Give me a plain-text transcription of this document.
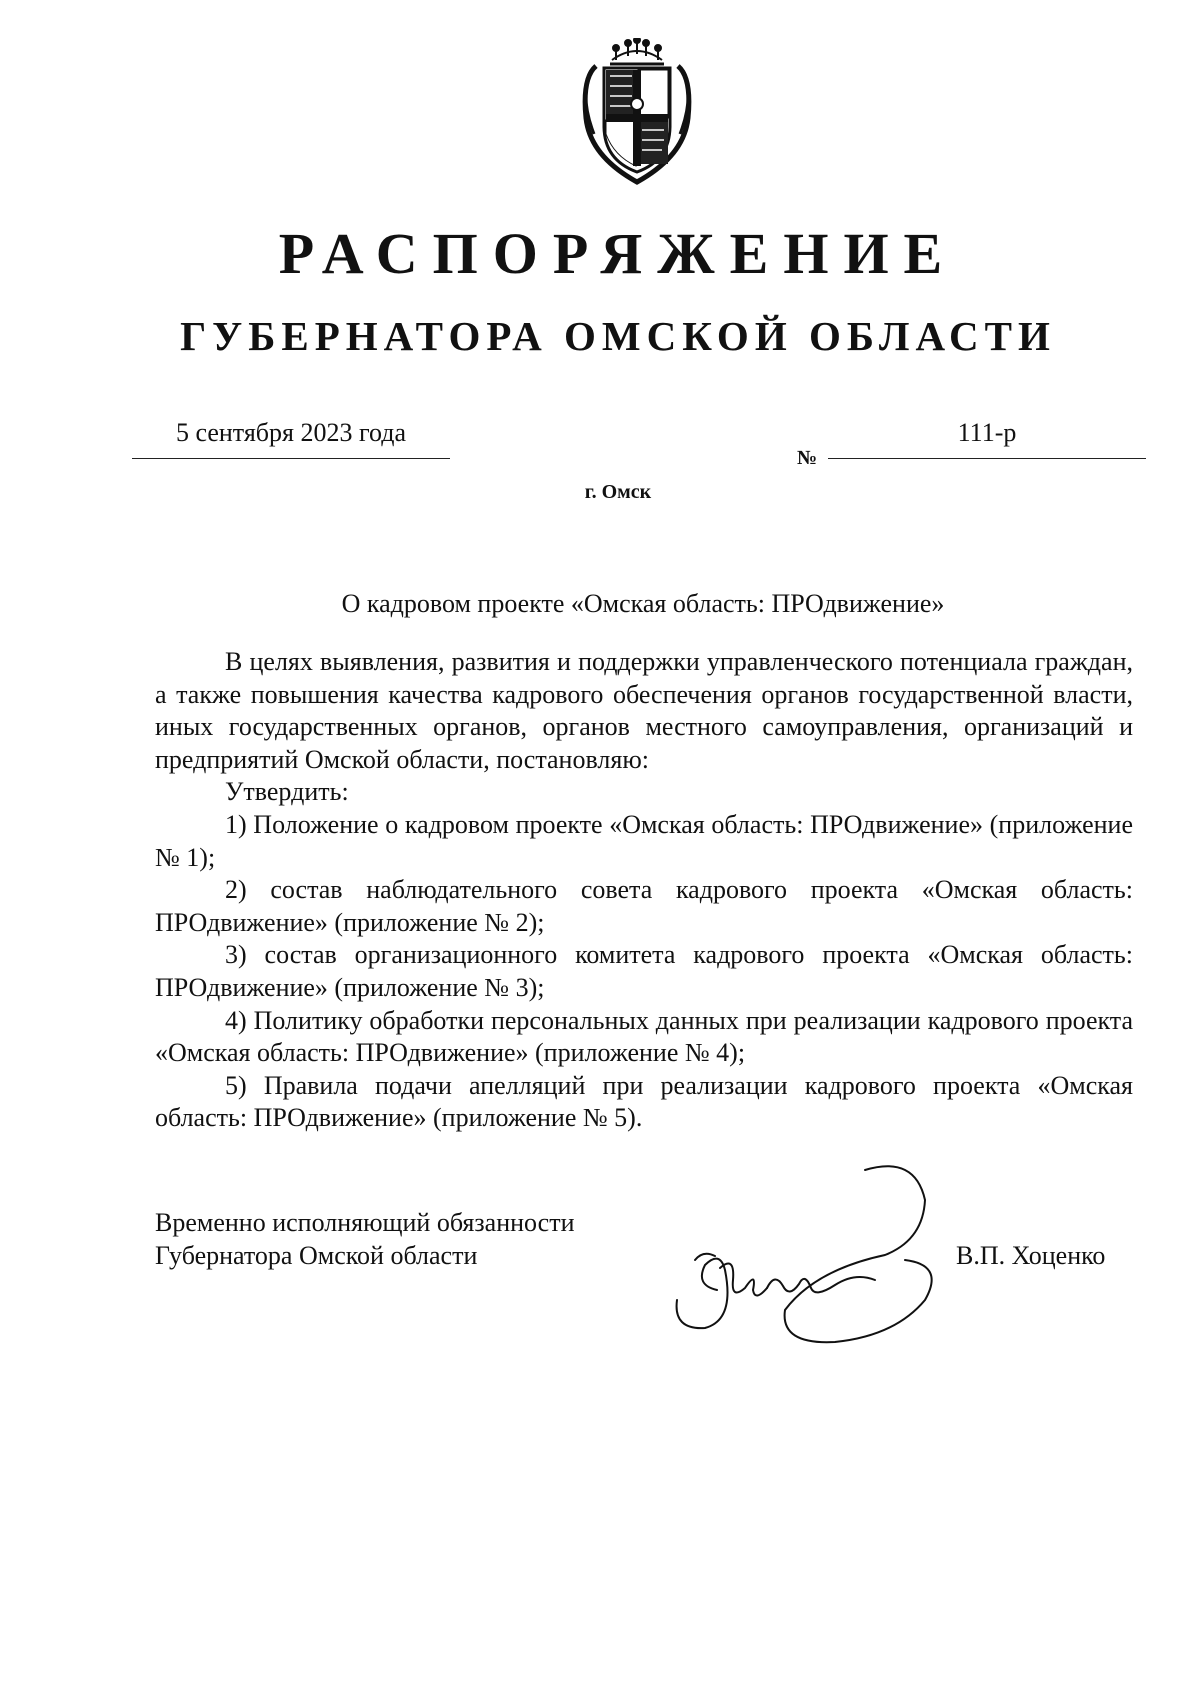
РАСПОРЯЖЕНИЕ
ГУБЕРНАТОРА ОМСКОЙ ОБЛАСТИ
5 сентября 2023 года
№
111-р
г. Омск
О кадровом проекте «Омская область: ПРОдвижение»

В целях выявления, развития и поддержки управленческого потенциала граждан, а также повышения качества кадрового обеспечения органов государственной власти, иных государственных органов, органов местного самоуправления, организаций и предприятий Омской области, постановляю:

Утвердить:

1) Положение о кадровом проекте «Омская область: ПРОдвижение» (приложение № 1);

2) состав наблюдательного совета кадрового проекта «Омская область: ПРОдвижение» (приложение № 2);

3) состав организационного комитета кадрового проекта «Омская область: ПРОдвижение» (приложение № 3);

4) Политику обработки персональных данных при реализации кадрового проекта «Омская область: ПРОдвижение» (приложение № 4);

5) Правила подачи апелляций при реализации кадрового проекта «Омская область: ПРОдвижение» (приложение № 5).

Временно исполняющий обязанности
Губернатора Омской области	В.П. Хоценко
